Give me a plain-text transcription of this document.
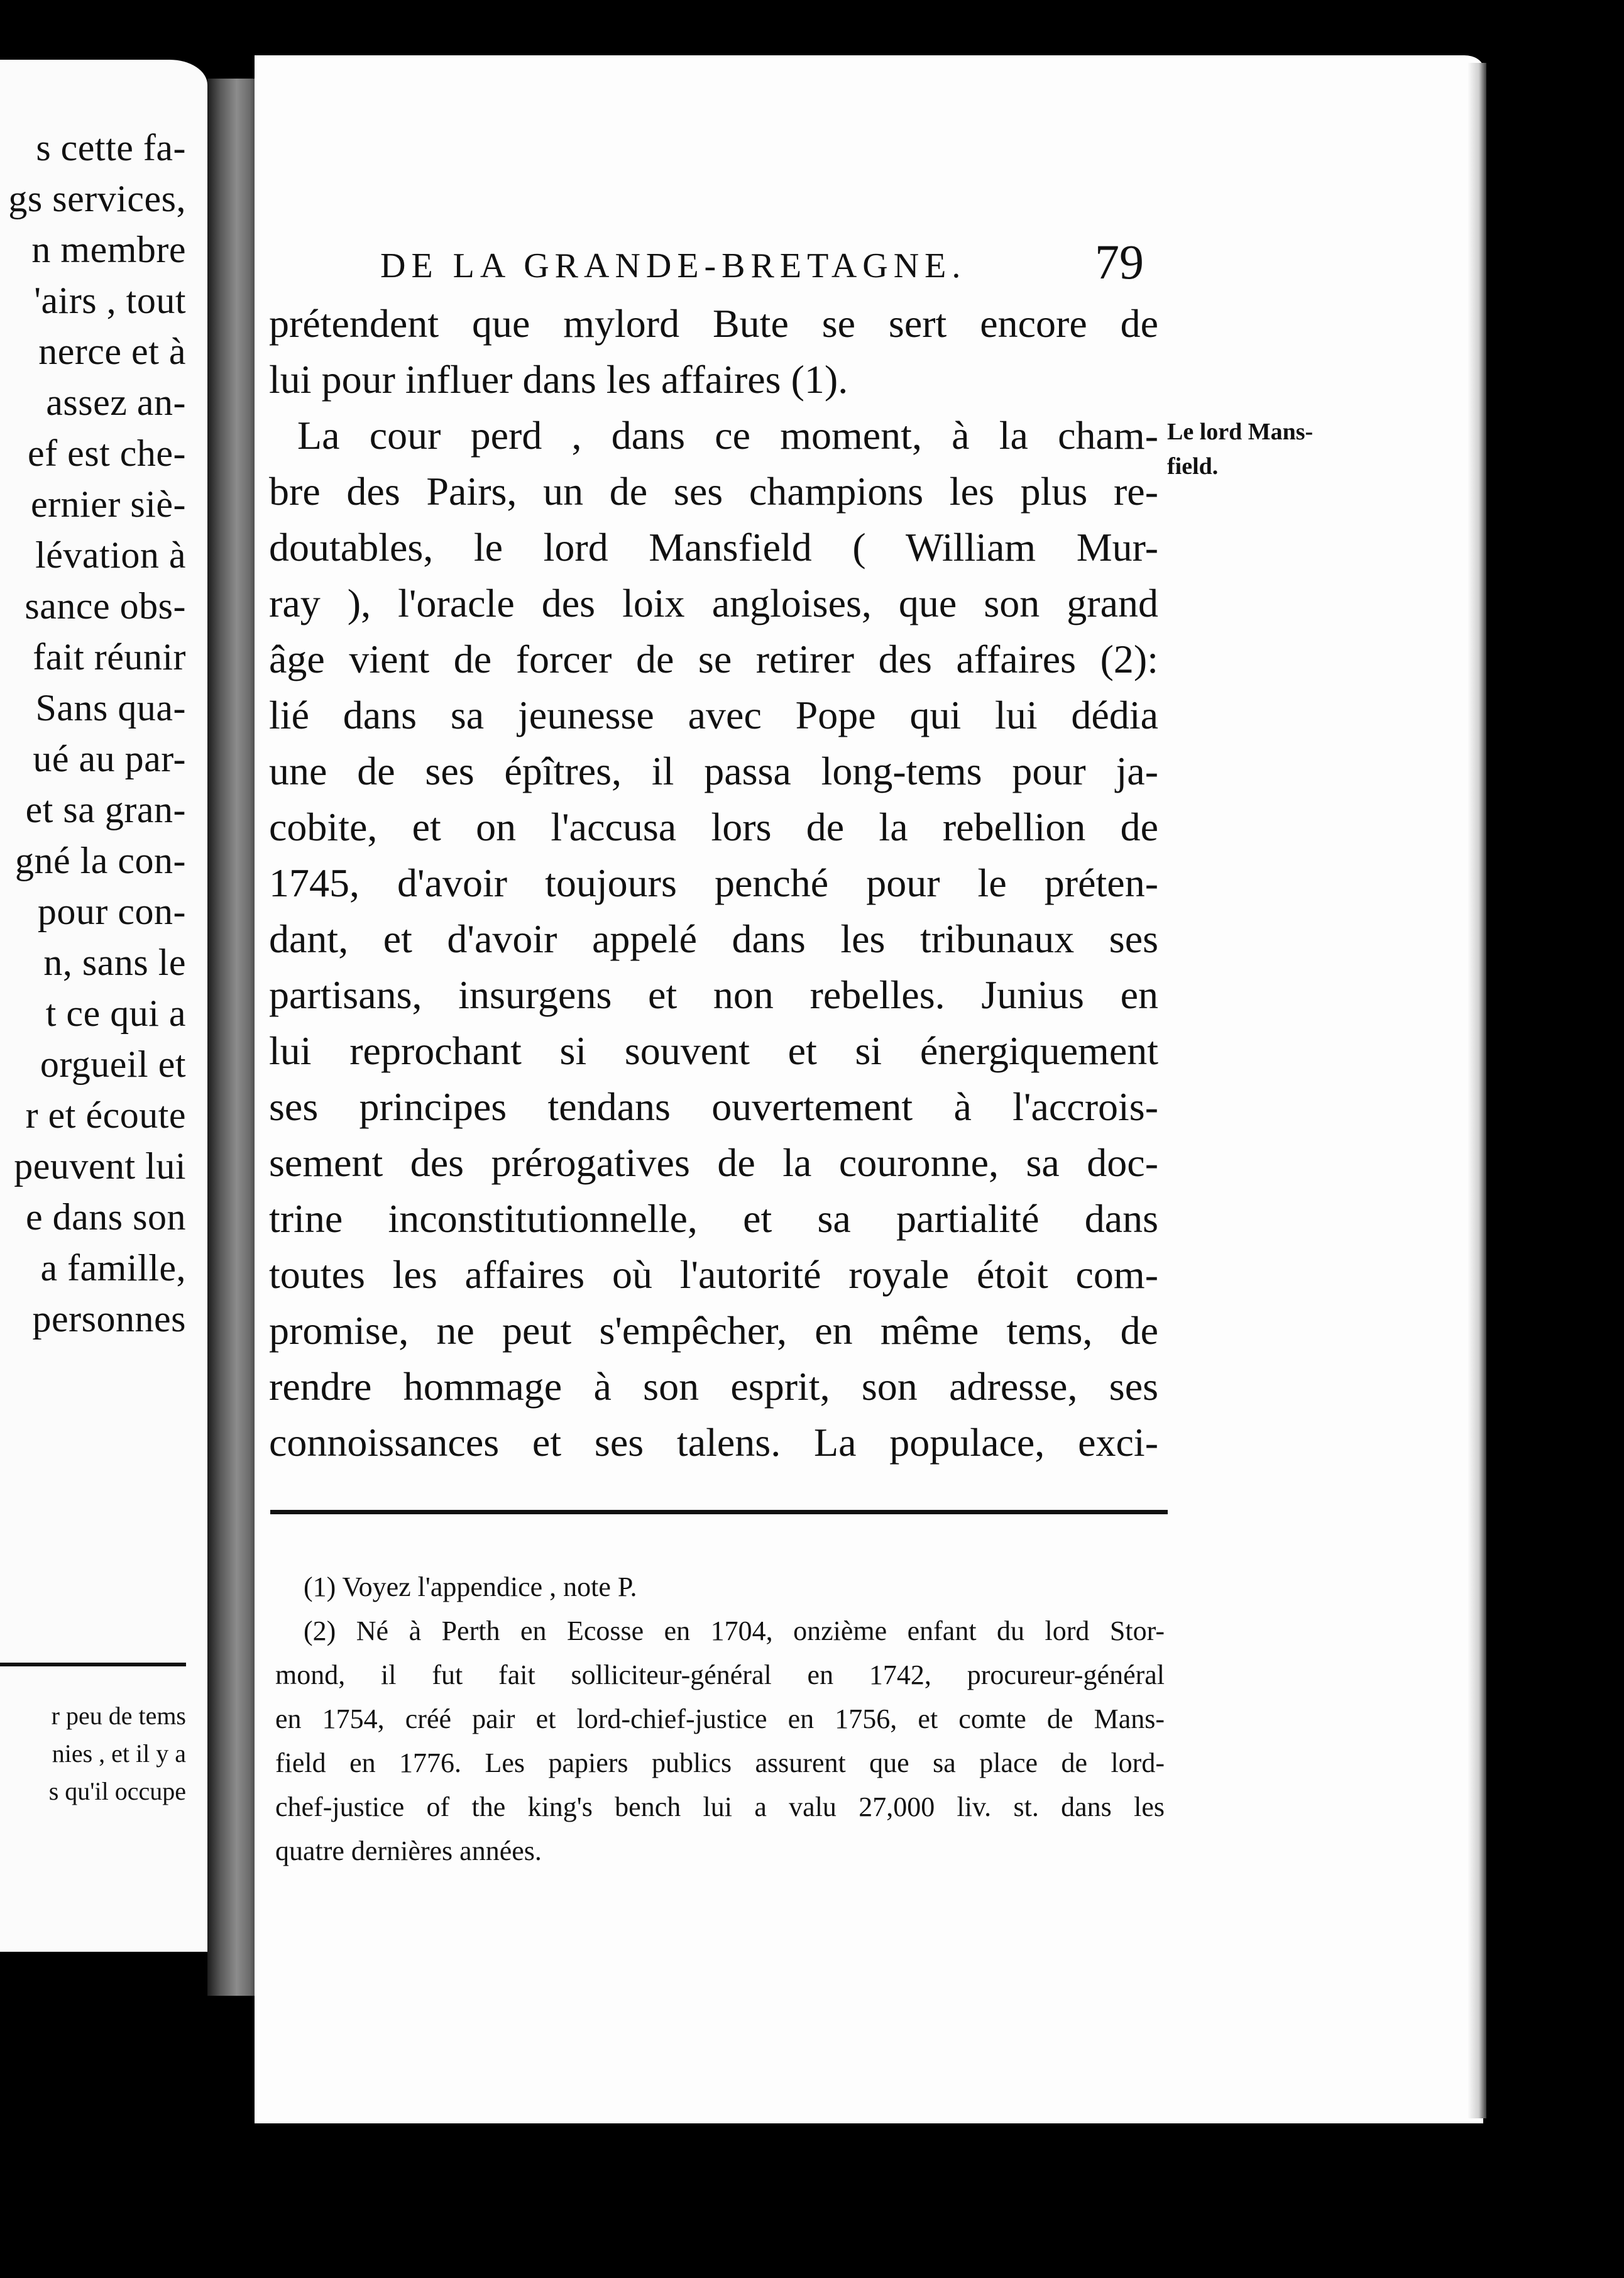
s cette fa-
gs services,
n membre
'airs , tout
nerce et à
assez an-
ef est che-
ernier siè-
lévation à
sance obs-
fait réunir
Sans qua-
ué au par-
et sa gran-
gné la con-
pour con-
n, sans le
t ce qui a
orgueil et
r et écoute
peuvent lui
e dans son
a famille,
personnes
r peu de tems
nies , et il y a
s qu'il occupe
DE LA GRANDE-BRETAGNE.	79
prétendent que mylord Bute se sert encore de
lui pour influer dans les affaires (1).
La cour perd , dans ce moment, à la cham-
bre des Pairs, un de ses champions les plus re-
doutables, le lord Mansfield ( William Mur-
ray ), l'oracle des loix angloises, que son grand
âge vient de forcer de se retirer des affaires (2):
lié dans sa jeunesse avec Pope qui lui dédia
une de ses épîtres, il passa long-tems pour ja-
cobite, et on l'accusa lors de la rebellion de
1745, d'avoir toujours penché pour le préten-
dant, et d'avoir appelé dans les tribunaux ses
partisans, insurgens et non rebelles. Junius en
lui reprochant si souvent et si énergiquement
ses principes tendans ouvertement à l'accrois-
sement des prérogatives de la couronne, sa doc-
trine inconstitutionnelle, et sa partialité dans
toutes les affaires où l'autorité royale étoit com-
promise, ne peut s'empêcher, en même tems, de
rendre hommage à son esprit, son adresse, ses
connoissances et ses talens. La populace, exci-
Le lord Mans-
field.
(1) Voyez l'appendice , note P.
(2) Né à Perth en Ecosse en 1704, onzième enfant du lord Stor-
mond, il fut fait solliciteur-général en 1742, procureur-général
en 1754, créé pair et lord-chief-justice en 1756, et comte de Mans-
field en 1776. Les papiers publics assurent que sa place de lord-
chef-justice of the king's bench lui a valu 27,000 liv. st. dans les
quatre dernières années.
